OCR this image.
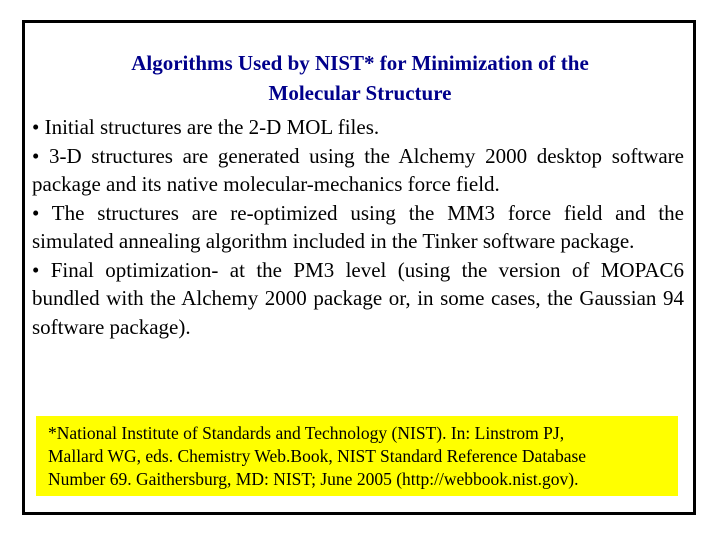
Algorithms Used by NIST* for Minimization of the
Molecular Structure
• Initial structures are the 2-D MOL files.
• 3-D structures are generated using the Alchemy 2000 desktop software package and its native molecular-mechanics force field.
• The structures are re-optimized using the MM3 force field and the simulated annealing algorithm included in the Tinker software package.
• Final optimization- at the PM3 level (using the version of MOPAC6 bundled with the Alchemy 2000 package or, in some cases, the Gaussian 94 software package).
*National Institute of Standards and Technology (NIST). In: Linstrom PJ,
Mallard WG, eds. Chemistry Web.Book, NIST Standard Reference Database
Number 69. Gaithersburg, MD: NIST; June 2005 (http://webbook.nist.gov).
